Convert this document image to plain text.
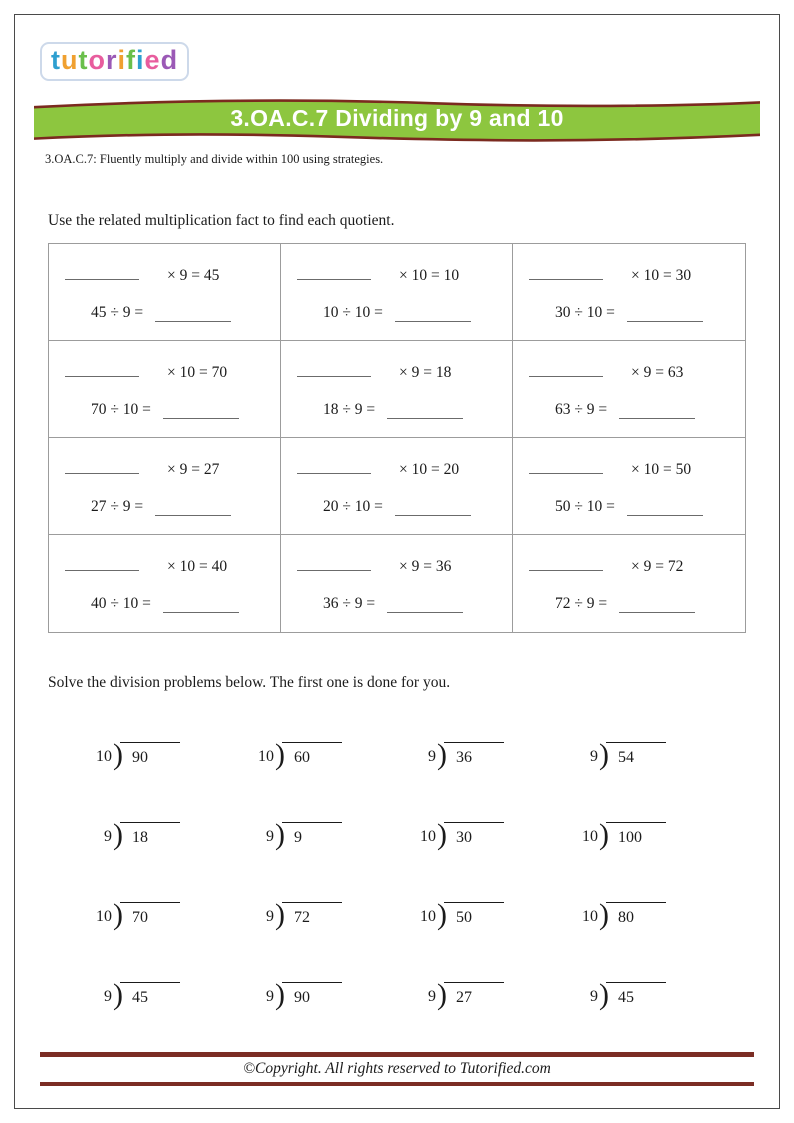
t u t o r i f i e d
3.OA.C.7 Dividing by 9 and 10
3.OA.C.7: Fluently multiply and divide within 100 using strategies.
Use the related multiplication fact to find each quotient.
× 9 = 45
45 ÷ 9 =
× 10 = 10
10 ÷ 10 =
× 10 = 30
30 ÷ 10 =
× 10 = 70
70 ÷ 10 =
× 9 = 18
18 ÷ 9 =
× 9 = 63
63 ÷ 9 =
× 9 = 27
27 ÷ 9 =
× 10 = 20
20 ÷ 10 =
× 10 = 50
50 ÷ 10 =
× 10 = 40
40 ÷ 10 =
× 9 = 36
36 ÷ 9 =
× 9 = 72
72 ÷ 9 =
Solve the division problems below. The first one is done for you.
10 ) 90	10 ) 60	9 ) 36	9 ) 54
9 ) 18	9 ) 9	10 ) 30	10 ) 100
10 ) 70	9 ) 72	10 ) 50	10 ) 80
9 ) 45	9 ) 90	9 ) 27	9 ) 45
©Copyright. All rights reserved to Tutorified.com
